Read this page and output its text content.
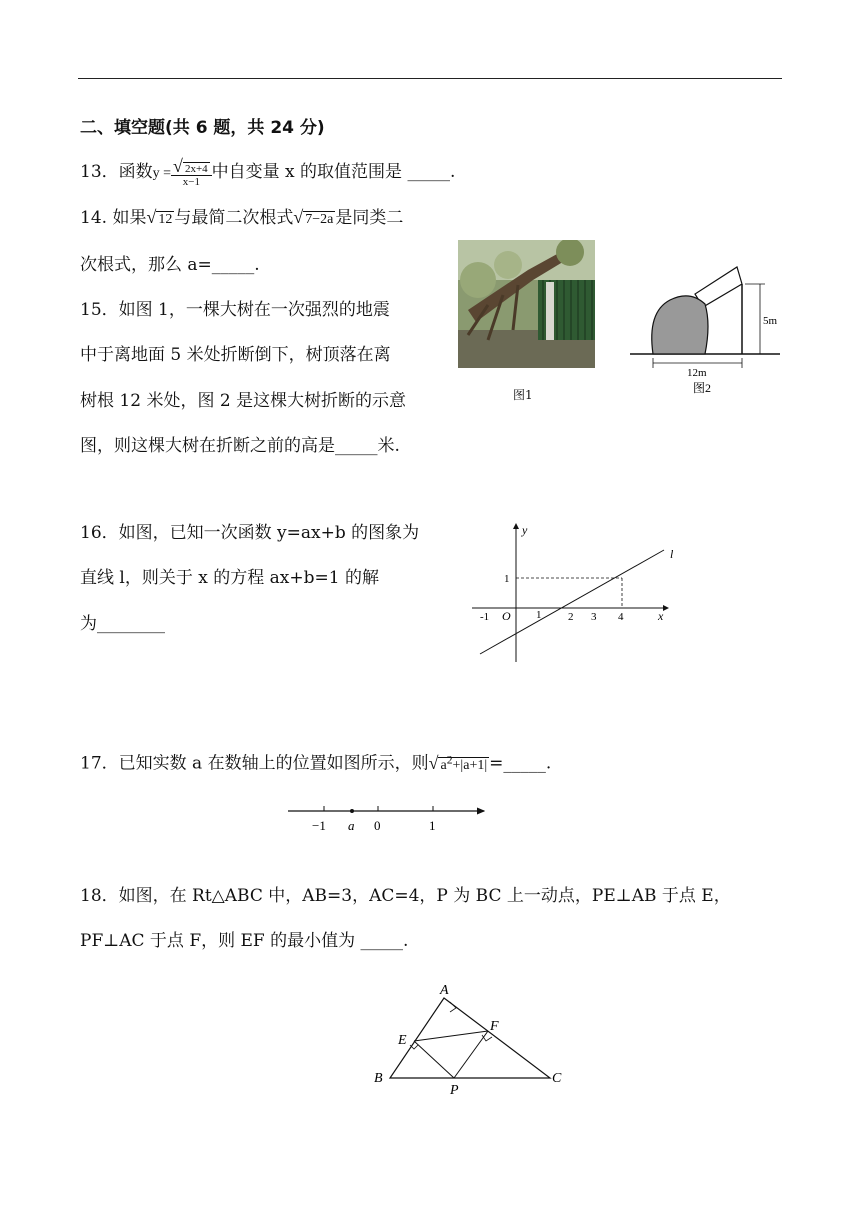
二、填空题(共 6 题，共 24 分)
13．函数$y = \frac{√ 2x+4}{x-1}$ 中自变量 x 的取值范围是 _____.
14. 如果√ 12 与最简二次根式√ 7−2a 是同类二
次根式，那么 a=_____.
15．如图 1，一棵大树在一次强烈的地震
中于离地面 5 米处折断倒下，树顶落在离
树根 12 米处，图 2 是这棵大树折断的示意
图，则这棵大树在折断之前的高是_____米.
图1
5m
12m
图2
16．如图，已知一次函数 y=ax+b 的图象为
直线 l，则关于 x 的方程 ax+b=1 的解
为________
y
x
O
l
1
-1	1 2 3 4
17．已知实数 a 在数轴上的位置如图所示，则√ $a^2+|a+1|$ =_____.
−1 a 0	1
18．如图，在 Rt△ABC 中，AB=3，AC=4，P 为 BC 上一动点，PE⊥AB 于点 E，
PF⊥AC 于点 F，则 EF 的最小值为 _____.
A
B	C
E
F
P
